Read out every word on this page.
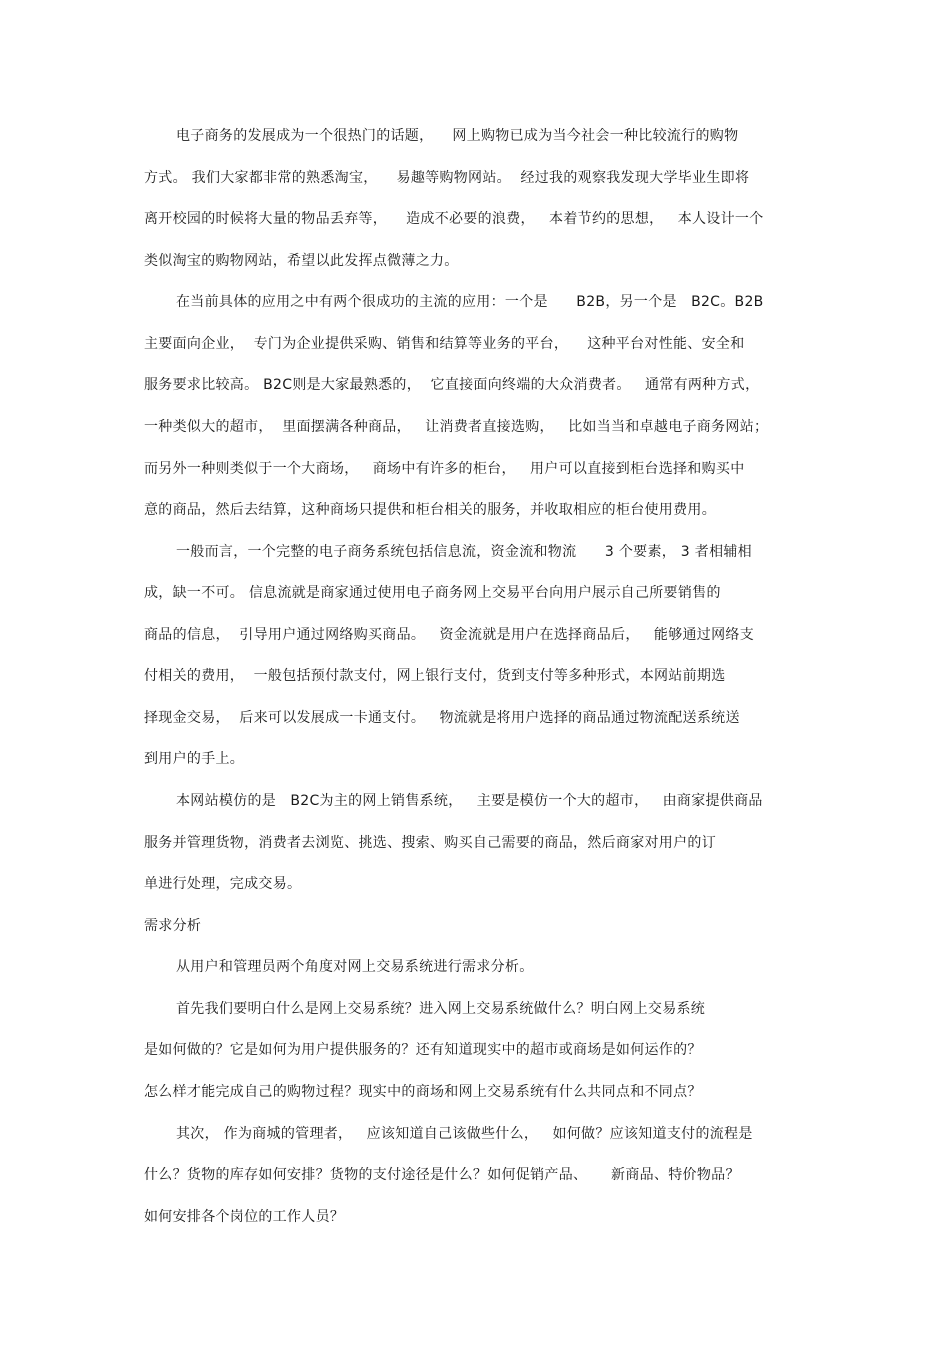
电子商务的发展成为一个很热门的话题，    网上购物已成为当今社会一种比较流行的购物
方式。 我们大家都非常的熟悉淘宝，    易趣等购物网站。  经过我的观察我发现大学毕业生即将
离开校园的时候将大量的物品丢弃等，    造成不必要的浪费，   本着节约的思想，   本人设计一个
类似淘宝的购物网站，希望以此发挥点微薄之力。
在当前具体的应用之中有两个很成功的主流的应用：一个是      B2B，另一个是   B2C。B2B
主要面向企业，  专门为企业提供采购、销售和结算等业务的平台，    这种平台对性能、安全和
服务要求比较高。 B2C则是大家最熟悉的，  它直接面向终端的大众消费者。   通常有两种方式，
一种类似大的超市，  里面摆满各种商品，   让消费者直接选购，   比如当当和卓越电子商务网站；
而另外一种则类似于一个大商场，   商场中有许多的柜台，   用户可以直接到柜台选择和购买中
意的商品，然后去结算，这种商场只提供和柜台相关的服务，并收取相应的柜台使用费用。
一般而言，一个完整的电子商务系统包括信息流，资金流和物流      3 个要素， 3 者相辅相
成，缺一不可。 信息流就是商家通过使用电子商务网上交易平台向用户展示自己所要销售的
商品的信息，  引导用户通过网络购买商品。   资金流就是用户在选择商品后，   能够通过网络支
付相关的费用，  一般包括预付款支付，网上银行支付，货到支付等多种形式，本网站前期选
择现金交易，  后来可以发展成一卡通支付。   物流就是将用户选择的商品通过物流配送系统送
到用户的手上。
本网站模仿的是   B2C为主的网上销售系统，   主要是模仿一个大的超市，   由商家提供商品
服务并管理货物，消费者去浏览、挑选、搜索、购买自己需要的商品，然后商家对用户的订
单进行处理，完成交易。
需求分析
从用户和管理员两个角度对网上交易系统进行需求分析。
首先我们要明白什么是网上交易系统？进入网上交易系统做什么？明白网上交易系统
是如何做的？它是如何为用户提供服务的？还有知道现实中的超市或商场是如何运作的？
怎么样才能完成自己的购物过程？现实中的商场和网上交易系统有什么共同点和不同点？
其次， 作为商城的管理者，   应该知道自己该做些什么，   如何做？应该知道支付的流程是
什么？货物的库存如何安排？货物的支付途径是什么？如何促销产品、     新商品、特价物品？
如何安排各个岗位的工作人员？
